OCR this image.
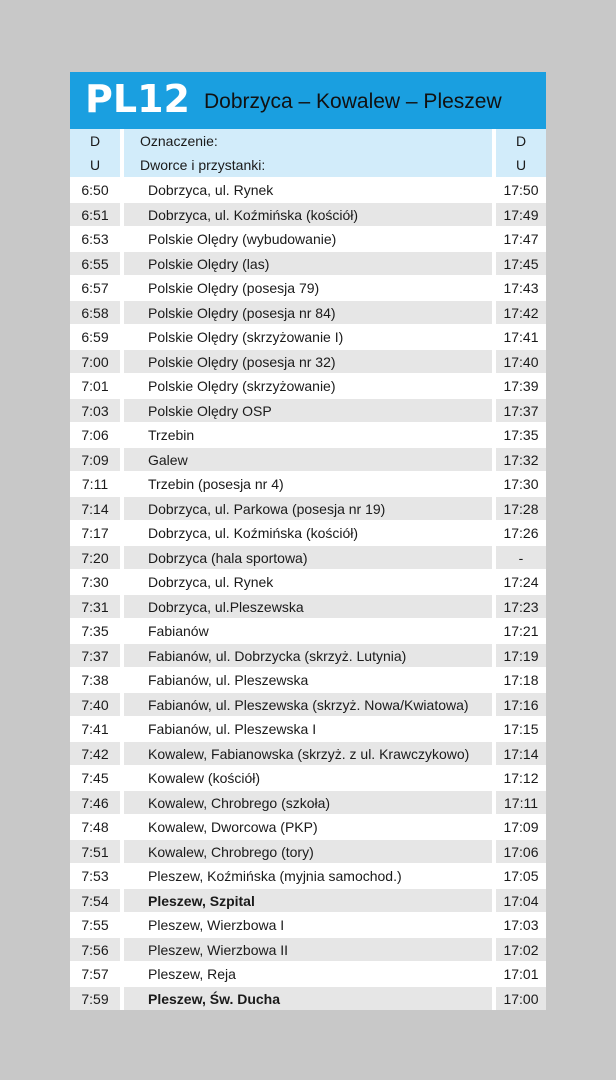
PL12 Dobrzyca – Kowalew – Pleszew
D	Oznaczenie:	D
U	Dworce i przystanki:	U
6:50	Dobrzyca, ul. Rynek	17:50
6:51	Dobrzyca, ul. Koźmińska (kościół)	17:49
6:53	Polskie Olędry (wybudowanie)	17:47
6:55	Polskie Olędry (las)	17:45
6:57	Polskie Olędry (posesja 79)	17:43
6:58	Polskie Olędry (posesja nr 84)	17:42
6:59	Polskie Olędry (skrzyżowanie I)	17:41
7:00	Polskie Olędry (posesja nr 32)	17:40
7:01	Polskie Olędry (skrzyżowanie)	17:39
7:03	Polskie Olędry OSP	17:37
7:06	Trzebin	17:35
7:09	Galew	17:32
7:11	Trzebin (posesja nr 4)	17:30
7:14	Dobrzyca, ul. Parkowa (posesja nr 19)	17:28
7:17	Dobrzyca, ul. Koźmińska (kościół)	17:26
7:20	Dobrzyca (hala sportowa)	-
7:30	Dobrzyca, ul. Rynek	17:24
7:31	Dobrzyca, ul.Pleszewska	17:23
7:35	Fabianów	17:21
7:37	Fabianów, ul. Dobrzycka (skrzyż. Lutynia)	17:19
7:38	Fabianów, ul. Pleszewska	17:18
7:40	Fabianów, ul. Pleszewska (skrzyż. Nowa/Kwiatowa)	17:16
7:41	Fabianów, ul. Pleszewska I	17:15
7:42	Kowalew, Fabianowska (skrzyż. z ul. Krawczykowo)	17:14
7:45	Kowalew (kościół)	17:12
7:46	Kowalew, Chrobrego (szkoła)	17:11
7:48	Kowalew, Dworcowa (PKP)	17:09
7:51	Kowalew, Chrobrego (tory)	17:06
7:53	Pleszew, Koźmińska (myjnia samochod.)	17:05
7:54	Pleszew, Szpital	17:04
7:55	Pleszew, Wierzbowa I	17:03
7:56	Pleszew, Wierzbowa II	17:02
7:57	Pleszew, Reja	17:01
7:59	Pleszew, Św. Ducha	17:00
